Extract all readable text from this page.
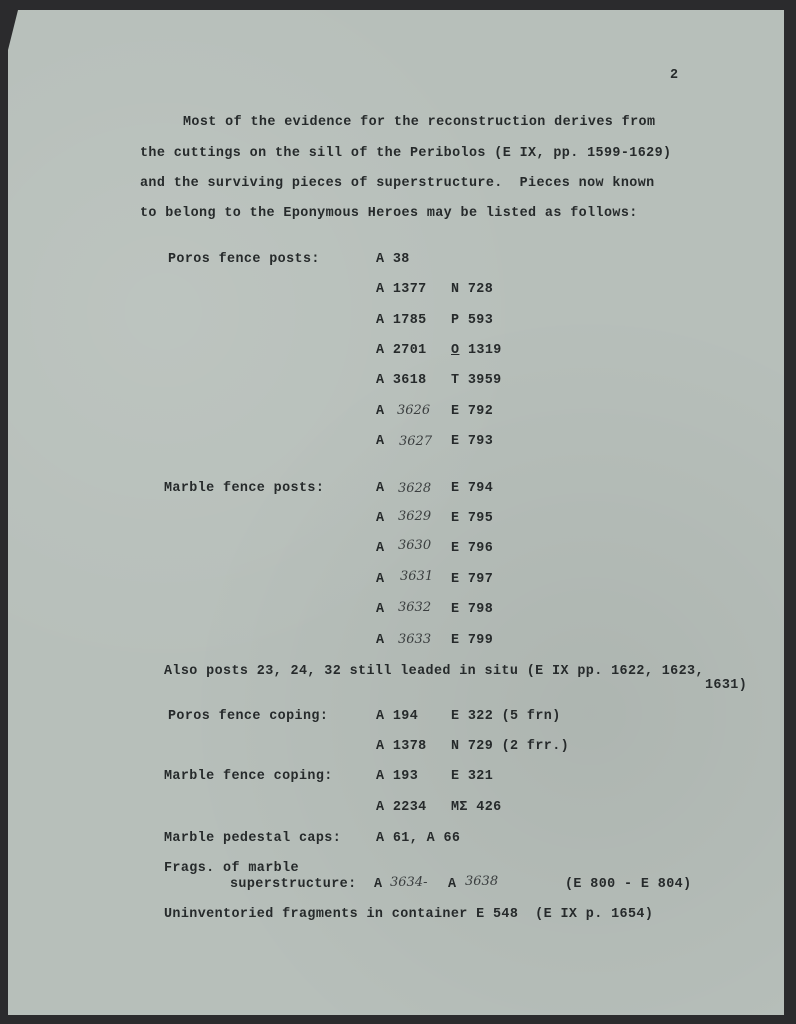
2
Most of the evidence for the reconstruction derives from
the cuttings on the sill of the Peribolos (E IX, pp. 1599-1629)
and the surviving pieces of superstructure.  Pieces now known
to belong to the Eponymous Heroes may be listed as follows:
Poros fence posts:	A 38
A 1377 N 728
A 1785 P 593
A 2701 O 1319
A 3618 T 3959
A 3626 E 792
A 3627 E 793
Marble fence posts:	A 3628 E 794
A 3629 E 795
A 3630 E 796
A 3631 E 797
A 3632 E 798
A 3633 E 799
Also posts 23, 24, 32 still leaded in situ (E IX pp. 1622, 1623,
1631)
Poros fence coping:	A 194 E 322 (5 frn)
A 1378 N 729 (2 frr.)
Marble fence coping:	A 193 E 321
A 2234 MΣ 426
Marble pedestal caps:	A 61, A 66
Frags. of marble
superstructure: A 3634- A 3638	(E 800 - E 804)
Uninventoried fragments in container E 548  (E IX p. 1654)
